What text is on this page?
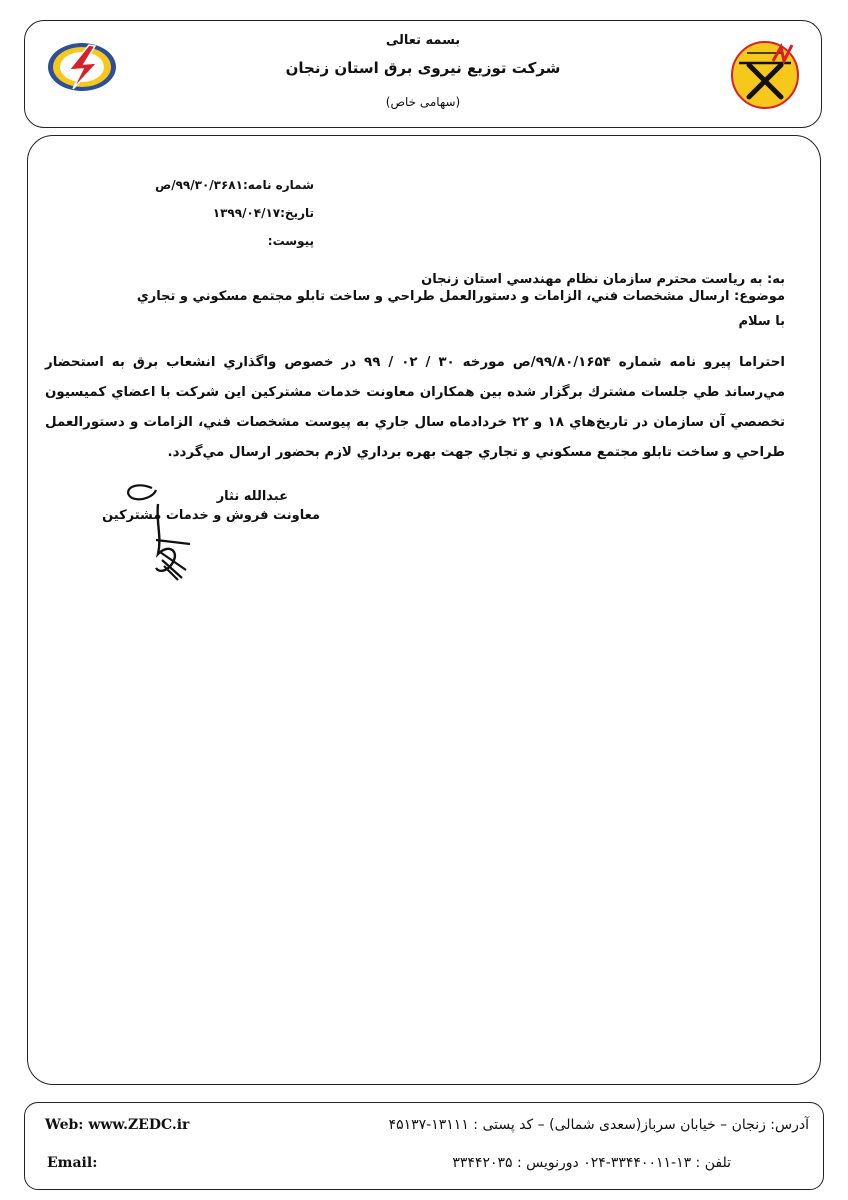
بسمه تعالی
شرکت توزیع نیروی برق استان زنجان
(سهامی خاص)
شماره نامه:۹۹/۳۰/۳۶۸۱/ص
تاریخ:۱۳۹۹/۰۴/۱۷
پیوست:
به: به رياست محترم سازمان نظام مهندسي استان زنجان
موضوع: ارسال مشخصات فني، الزامات و دستورالعمل طراحي و ساخت تابلو مجتمع مسكوني و تجاري
با سلام
احتراما پيرو نامه شماره ۹۹/۸۰/۱۶۵۴/ص مورخه ۳۰ / ۰۲ / ۹۹ در خصوص واگذاري انشعاب برق به استحضار مي‌رساند طي جلسات مشترك برگزار شده بين همكاران معاونت خدمات مشتركين اين شركت با اعضاي كميسيون تخصصي آن سازمان در تاريخ‌هاي ۱۸ و ۲۲ خردادماه سال جاري به پيوست مشخصات فني، الزامات و دستورالعمل طراحي و ساخت تابلو مجتمع مسكوني و تجاري جهت بهره برداري لازم بحضور ارسال مي‌گردد.
عبدالله نثار
معاونت فروش و خدمات مشترکین
Web: www.ZEDC.ir
Email:
آدرس: زنجان – خیابان سرباز(سعدی شمالی) – کد پستی : ۱۳۱۱۱-۴۵۱۳۷
تلفن : ۱۳-۳۳۴۴۰۰۱۱-۰۲۴ دورنویس : ۳۳۴۴۲۰۳۵
